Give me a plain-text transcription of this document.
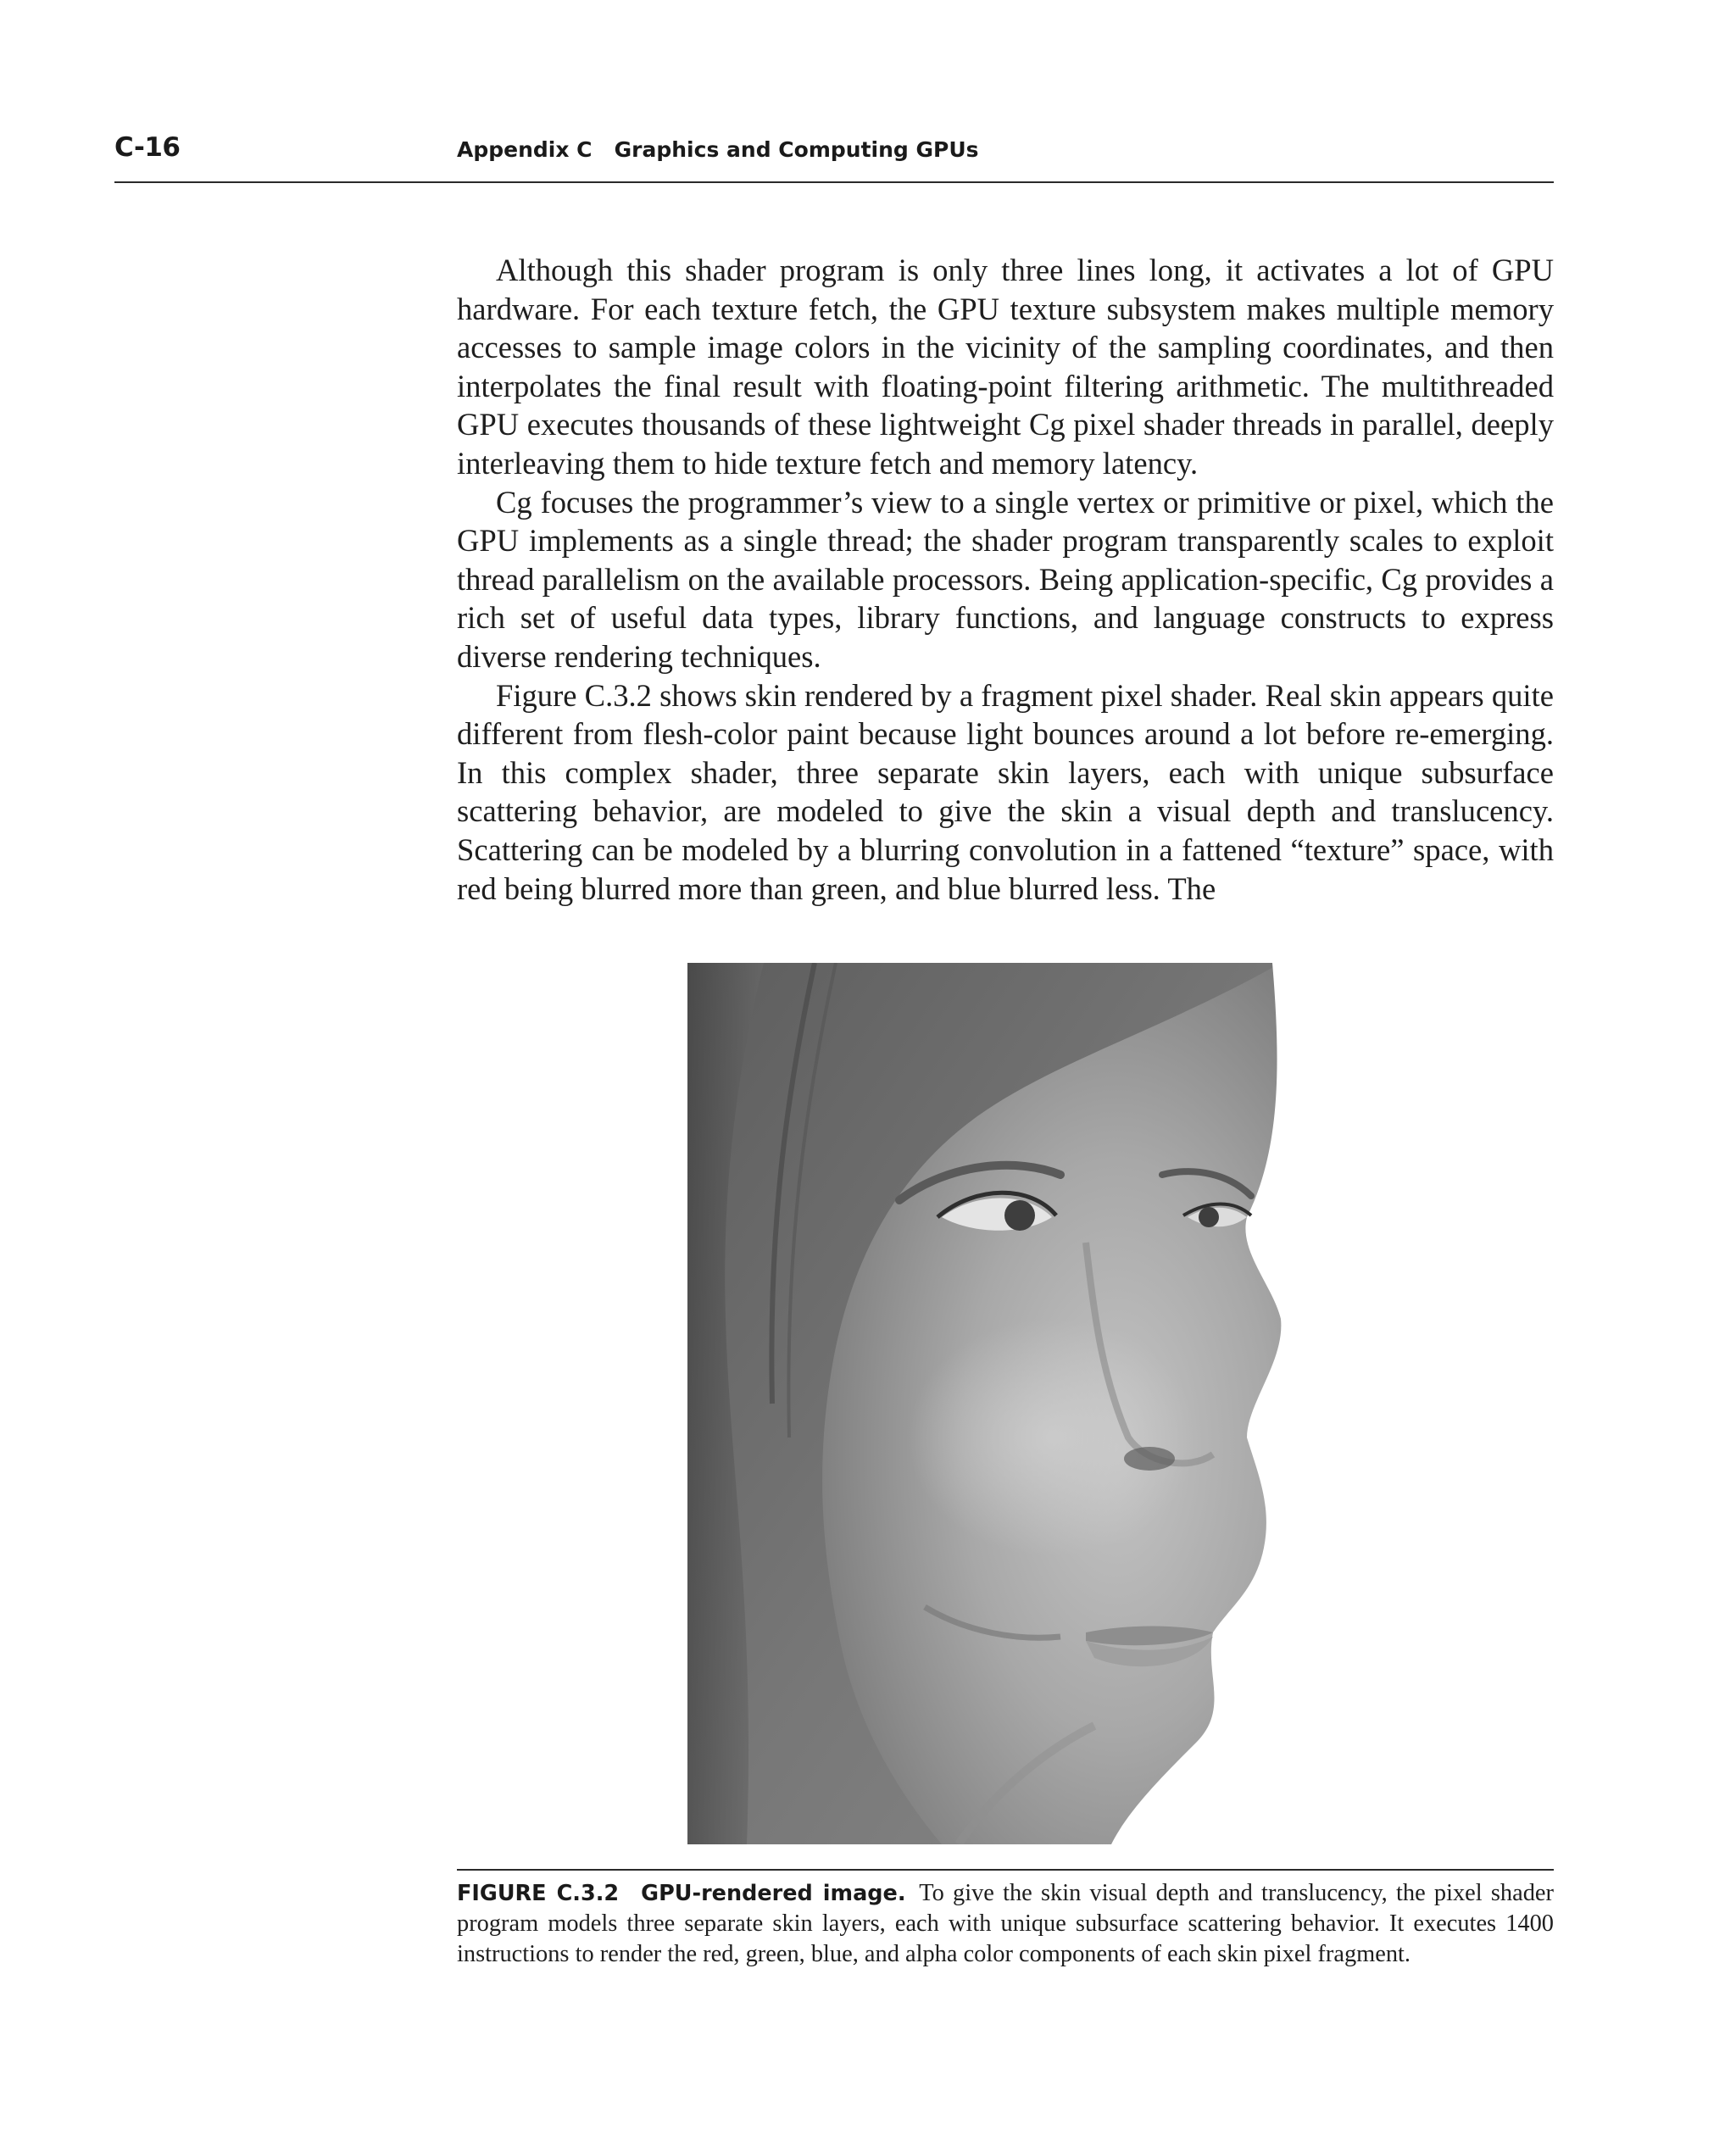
C-16	Appendix C   Graphics and Computing GPUs

Although this shader program is only three lines long, it activates a lot of GPU hardware. For each texture fetch, the GPU texture subsystem makes multiple memory accesses to sample image colors in the vicinity of the sampling coordinates, and then interpolates the final result with floating-point filtering arithmetic. The multithreaded GPU executes thousands of these lightweight Cg pixel shader threads in parallel, deeply interleaving them to hide texture fetch and memory latency.

Cg focuses the programmer’s view to a single vertex or primitive or pixel, which the GPU implements as a single thread; the shader program transparently scales to exploit thread parallelism on the available processors. Being application-specific, Cg provides a rich set of useful data types, library functions, and language constructs to express diverse rendering techniques.

Figure C.3.2 shows skin rendered by a fragment pixel shader. Real skin appears quite different from flesh-color paint because light bounces around a lot before re-emerging. In this complex shader, three separate skin layers, each with unique subsurface scattering behavior, are modeled to give the skin a visual depth and translucency. Scattering can be modeled by a blurring convolution in a fattened “texture” space, with red being blurred more than green, and blue blurred less. The

FIGURE C.3.2 GPU-rendered image. To give the skin visual depth and translucency, the pixel shader program models three separate skin layers, each with unique subsurface scattering behavior. It executes 1400 instructions to render the red, green, blue, and alpha color components of each skin pixel fragment.
